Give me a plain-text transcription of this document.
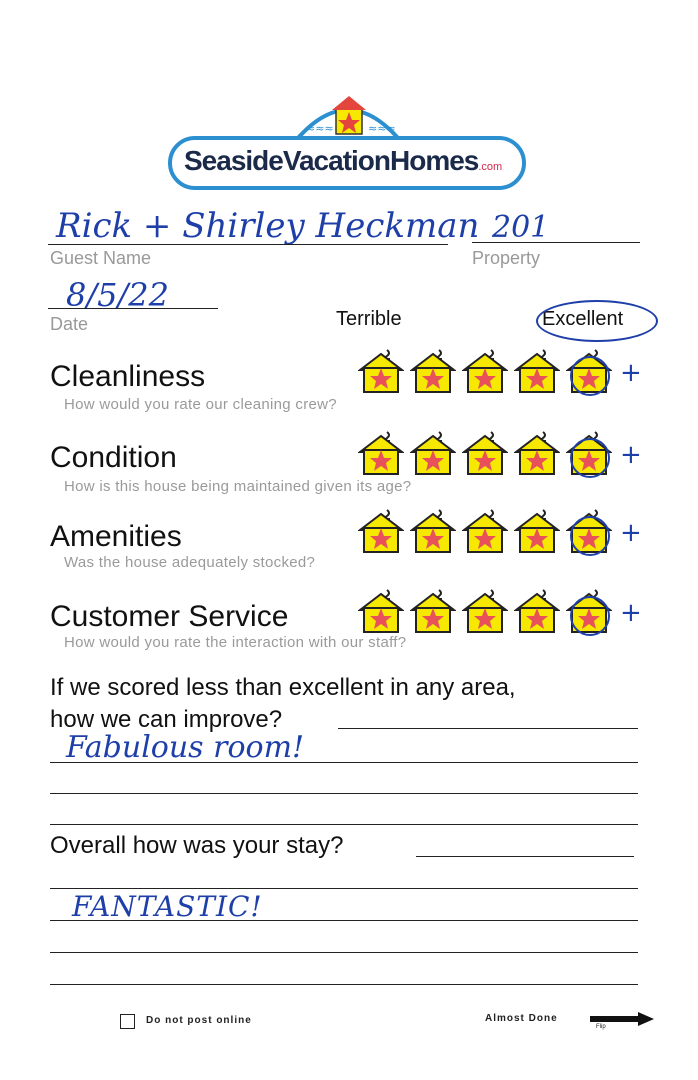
≈≈≈	≈≈≈
SeasideVacationHomes.com
Rick + Shirley Heckman
Guest Name
201
Property
8/5/22
Date	Terrible	Excellent
Cleanliness
How would you rate our cleaning crew?
Condition
How is this house being maintained given its age?
Amenities
Was the house adequately stocked?
Customer Service
How would you rate the interaction with our staff?
If we scored less than excellent in any area,
how we can improve?
Fabulous room!
Overall how was your stay?
FANTASTIC!
Do not post online	Almost Done
Flip
+
+
+
+
